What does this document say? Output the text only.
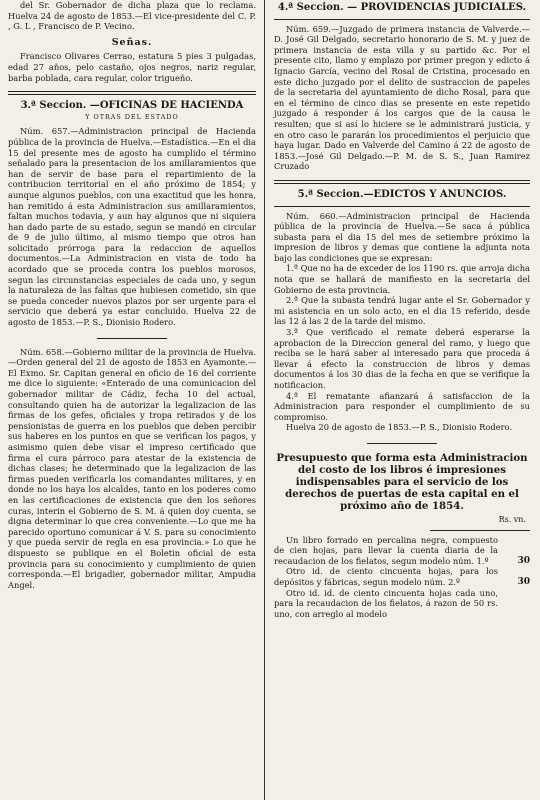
del Sr. Gobernador de dicha plaza que lo reclama. Huelva 24 de agosto de 1853.—El vice-presidente del C. P. , G. L , Francisco de P. Vecino.

Señas.

Francisco Olivares Cerrao, estatura 5 pies 3 pulgadas, edad 27 años, pelo castaño, ojos negros, nariz regular, barba poblada, cara regular, color trigueño.

3.ª Seccion. —OFICINAS DE HACIENDA
Y OTRAS DEL ESTADO

Núm. 657.—Administracion principal de Hacienda pública de la provincia de Huelva.—Estadística.—En el dia 15 del presente mes de agosto ha cumplido el término señalado para la presentacion de los amillaramientos que han de servir de base para el repartimiento de la contribucion territorial en el año próximo de 1854; y aunque algunos pueblos, con una exactitud que les honra, han remitido á esta Administracion sus amillaramientos, faltan muchos todavia, y aun hay algunos que ni siquiera han dado parte de su estado, segun se mandó en circular de 9 de julio último, al mismo tiempo que otros han solicitado prórroga para la redaccion de aquellos documentos.—La Administracion en vista de todo ha acordado que se proceda contra los pueblos morosos, segun las circunstancias especiales de cada uno, y segun la naturaleza de las faltas que hubiesen cometido, sin que se pueda conceder nuevos plazos por ser urgente para el servicio que deberá ya estar concluido. Huelva 22 de agosto de 1853.—P. S., Dionisio Rodero.

Núm. 658.—Gobierno militar de la provincia de Huelva.—Orden general del 21 de agosto de 1853 en Ayamonte.—El Exmo. Sr. Capitan general en oficio de 16 del corriente me dice lo siguiente: «Enterado de una comunicacion del gobernador militar de Cádiz, fecha 10 del actual, consultando quien ha de autorizar la legalizacion de las firmas de los gefes, oficiales y tropa retirados y de los pensionistas de guerra en los pueblos que deben percibir sus haberes en los puntos en que se verifican los pagos, y asimismo quien debe visar el impreso certificado que firma el cura párroco para atestar de la existencia de dichas clases; he determinado que la legalizacion de las firmas pueden verificarla los comandantes militares, y en donde no los haya los alcaldes, tanto en los poderes como en las certificaciones de existencia que den los señores curas, interin el Gobierno de S. M. á quien doy cuenta, se digna determinar lo que crea conveniente.—Lo que me ha parecido oportuno comunicar á V. S. para su conocimiento y que pueda servir de regla en esa provincia.» Lo que he dispuesto se publique en el Boletin oficial de esta provincia para su conocimiento y cumplimiento de quien corresponda.—El brigadier, gobernador militar, Ampudia Angel.

4.ª Seccion. — PROVIDENCIAS JUDICIALES.

Núm. 659.—Juzgado de primera instancia de Valverde.—D. José Gil Delgado, secretario honorario de S. M. y juez de primera instancia de esta villa y su partido &c. Por el presente cito, llamo y emplazo por primer pregon y edicto á Ignacio García, vecino del Rosal de Cristina, procesado en este dicho juzgado por el delito de sustraccion de papeles de la secretaria del ayuntamiento de dicho Rosal, para que en el término de cinco dias se presente en este repetido juzgado á responder á los cargos que de la causa le resulten; que si así lo hiciere se le administrará justicia, y en otro caso le pararán los procedimientos el perjuicio que haya lugar. Dado en Valverde del Camino á 22 de agosto de 1853.—José Gil Delgado.—P. M. de S. S., Juan Ramirez Cruzado

5.ª Seccion.—EDICTOS Y ANUNCIOS.

Núm. 660.—Administracion principal de Hacienda pública de la provincia de Huelva.—Se saca á pública subasta para el dia 15 del mes de setiembre próximo la impresion de libros y demas que contiene la adjunta nota bajo las condiciones que se expresan:

1.ª Que no ha de exceder de los 1190 rs. que arroja dicha nota que se hallará de manifiesto en la secretaria del Gobierno de esta provincia.

2.ª Que la subasta tendrá lugar ante el Sr. Gobernador y mi asistencia en un solo acto, en el dia 15 referido, desde las 12 á las 2 de la tarde del mismo.

3.ª Que verificado el remate deberá esperarse la aprobacion de la Direccion general del ramo, y luego que reciba se le hará saber al interesado para que proceda á llevar á efecto la construccion de libros y demas documentos á los 30 dias de la fecha en que se verifique la notificacion.

4.ª El rematante afianzará á satisfaccion de la Administracion para responder el cumplimiento de su compromiso.

Huelva 20 de agosto de 1853.—P. S., Dionisio Rodero.

Presupuesto que forma esta Administracion del costo de los libros é impresiones indispensables para el servicio de los derechos de puertas de esta capital en el próximo año de 1854.
Rs. vn.

Un libro forrado en percalina negra, compuesto de cien hojas, para llevar la cuenta diaria de la recaudacion de los fielatos, segun modelo núm. 1.º	30

Otro id. de ciento cincuenta hojas, para los depósitos y fábricas, segun modelo núm. 2.º	30

Otro id. id. de ciento cincuenta hojas cada uno, para la recaudacion de los fielatos, á razon de 50 rs. uno, con arreglo al modelo
